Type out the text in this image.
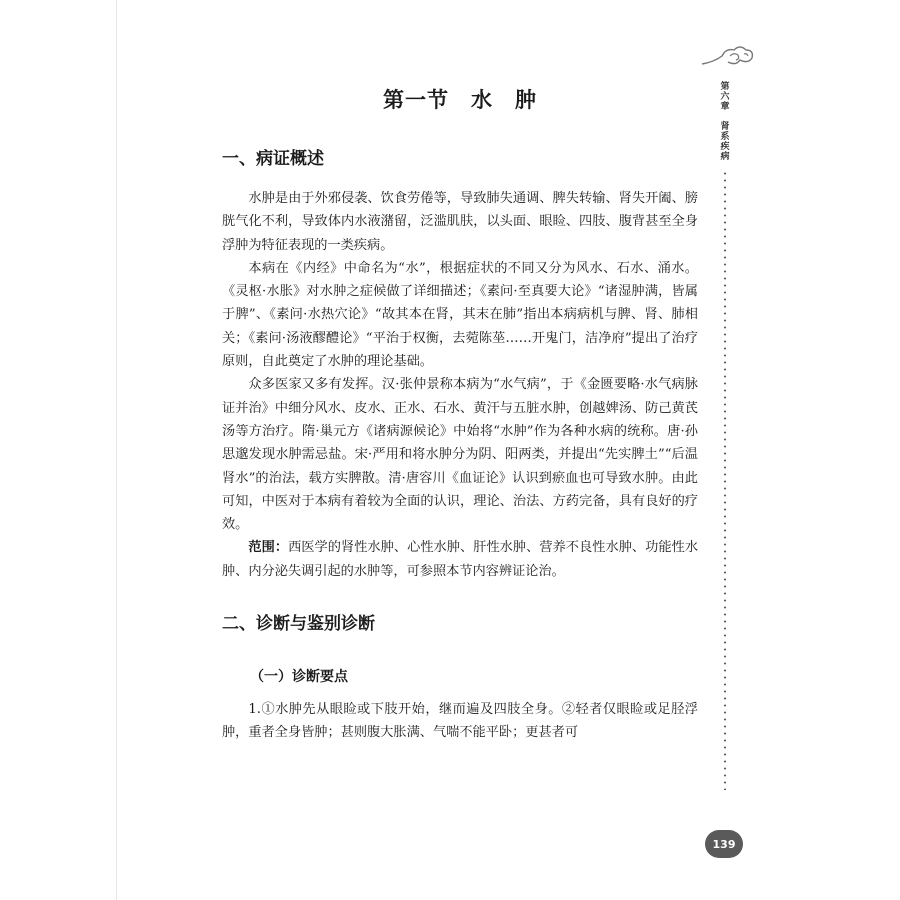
第
六
章
肾
系
疾
病
第一节　水　肿
一、病证概述

水肿是由于外邪侵袭、饮食劳倦等，导致肺失通调、脾失转输、肾失开阖、膀胱气化不利，导致体内水液潴留，泛滥肌肤，以头面、眼睑、四肢、腹背甚至全身浮肿为特征表现的一类疾病。

本病在《内经》中命名为“水”，根据症状的不同又分为风水、石水、涌水。《灵枢·水胀》对水肿之症候做了详细描述；《素问·至真要大论》“诸湿肿满，皆属于脾”、《素问·水热穴论》“故其本在肾，其末在肺”指出本病病机与脾、肾、肺相关；《素问·汤液醪醴论》“平治于权衡，去菀陈莝……开鬼门，洁净府”提出了治疗原则，自此奠定了水肿的理论基础。

众多医家又多有发挥。汉·张仲景称本病为“水气病”，于《金匮要略·水气病脉证并治》中细分风水、皮水、正水、石水、黄汗与五脏水肿，创越婢汤、防己黄芪汤等方治疗。隋·巢元方《诸病源候论》中始将“水肿”作为各种水病的统称。唐·孙思邈发现水肿需忌盐。宋·严用和将水肿分为阴、阳两类，并提出“先实脾土”“后温肾水”的治法，载方实脾散。清·唐容川《血证论》认识到瘀血也可导致水肿。由此可知，中医对于本病有着较为全面的认识，理论、治法、方药完备，具有良好的疗效。

范围：西医学的肾性水肿、心性水肿、肝性水肿、营养不良性水肿、功能性水肿、内分泌失调引起的水肿等，可参照本节内容辨证论治。

二、诊断与鉴别诊断
（一）诊断要点

1.①水肿先从眼睑或下肢开始，继而遍及四肢全身。②轻者仅眼睑或足胫浮肿，重者全身皆肿；甚则腹大胀满、气喘不能平卧；更甚者可

139
